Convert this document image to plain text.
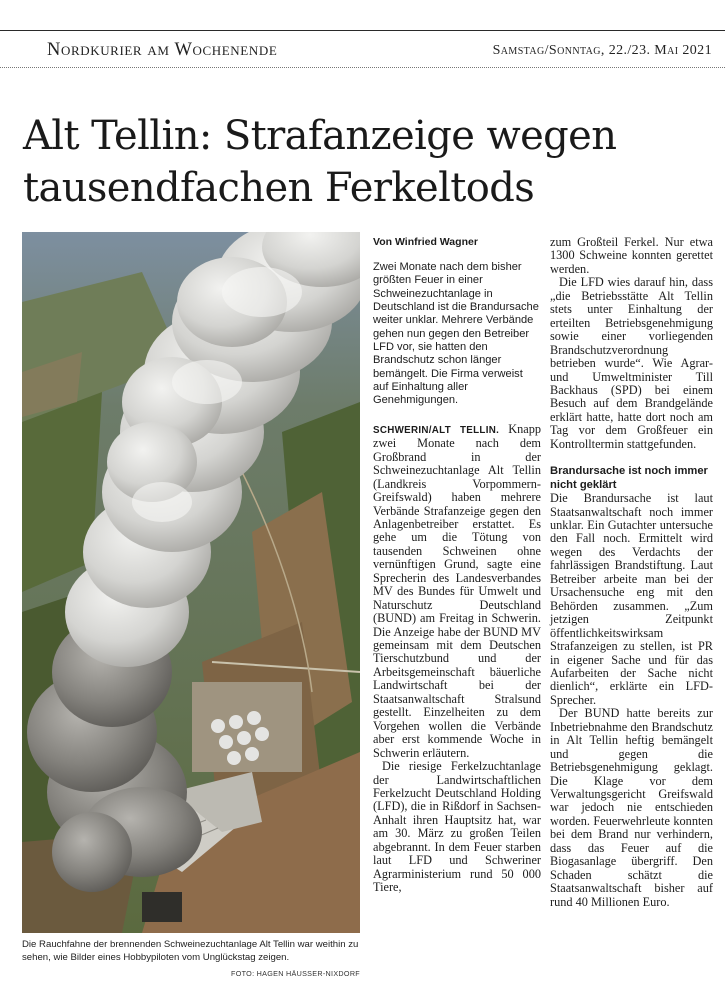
Nordkurier am Wochenende	Samstag/Sonntag, 22./23. Mai 2021
Alt Tellin: Strafanzeige wegen
tausendfachen Ferkeltods
Die Rauchfahne der brennenden Schweinezuchtanlage Alt Tellin war weithin zu sehen, wie Bilder eines Hobbypiloten vom Unglückstag zeigen.
FOTO: HAGEN HÄUSSER-NIXDORF
Von Winfried Wagner
Zwei Monate nach dem bisher größten Feuer in einer Schweinezuchtanlage in Deutschland ist die Brandursache weiter unklar. Mehrere Verbände gehen nun gegen den Betreiber LFD vor, sie hatten den Brandschutz schon länger bemängelt. Die Firma verweist auf Einhaltung aller Genehmigungen.

SCHWERIN/ALT TELLIN. Knapp zwei Monate nach dem Großbrand in der Schweinezuchtanlage Alt Tellin (Landkreis Vorpommern-Greifswald) haben mehrere Verbände Strafanzeige gegen den Anlagenbetreiber erstattet. Es gehe um die Tötung von tausenden Schweinen ohne vernünftigen Grund, sagte eine Sprecherin des Landesverbandes MV des Bundes für Umwelt und Naturschutz Deutschland (BUND) am Freitag in Schwerin. Die Anzeige habe der BUND MV gemeinsam mit dem Deutschen Tierschutzbund und der Arbeitsgemeinschaft bäuerliche Landwirtschaft bei der Staatsanwaltschaft Stralsund gestellt. Einzelheiten zu dem Vorgehen wollen die Verbände aber erst kommende Woche in Schwerin erläutern.

Die riesige Ferkelzuchtanlage der Landwirtschaftlichen Ferkelzucht Deutschland Holding (LFD), die in Rißdorf in Sachsen-Anhalt ihren Hauptsitz hat, war am 30. März zu großen Teilen abgebrannt. In dem Feuer starben laut LFD und Schweriner Agrarministerium rund 50 000 Tiere,

zum Großteil Ferkel. Nur etwa 1300 Schweine konnten gerettet werden.

Die LFD wies darauf hin, dass „die Betriebsstätte Alt Tellin stets unter Einhaltung der erteilten Betriebsgenehmigung sowie einer vorliegenden Brandschutzverordnung betrieben wurde“. Wie Agrar- und Umweltminister Till Backhaus (SPD) bei einem Besuch auf dem Brandgelände erklärt hatte, hatte dort noch am Tag vor dem Großfeuer ein Kontrolltermin stattgefunden.

Brandursache ist noch immer nicht geklärt

Die Brandursache ist laut Staatsanwaltschaft noch immer unklar. Ein Gutachter untersuche den Fall noch. Ermittelt wird wegen des Verdachts der fahrlässigen Brandstiftung. Laut Betreiber arbeite man bei der Ursachensuche eng mit den Behörden zusammen. „Zum jetzigen Zeitpunkt öffentlichkeitswirksam Strafanzeigen zu stellen, ist PR in eigener Sache und für das Aufarbeiten der Sache nicht dienlich“, erklärte ein LFD-Sprecher.

Der BUND hatte bereits zur Inbetriebnahme den Brandschutz in Alt Tellin heftig bemängelt und gegen die Betriebsgenehmigung geklagt. Die Klage vor dem Verwaltungsgericht Greifswald war jedoch nie entschieden worden. Feuerwehrleute konnten bei dem Brand nur verhindern, dass das Feuer auf die Biogasanlage übergriff. Den Schaden schätzt die Staatsanwaltschaft bisher auf rund 40 Millionen Euro.
